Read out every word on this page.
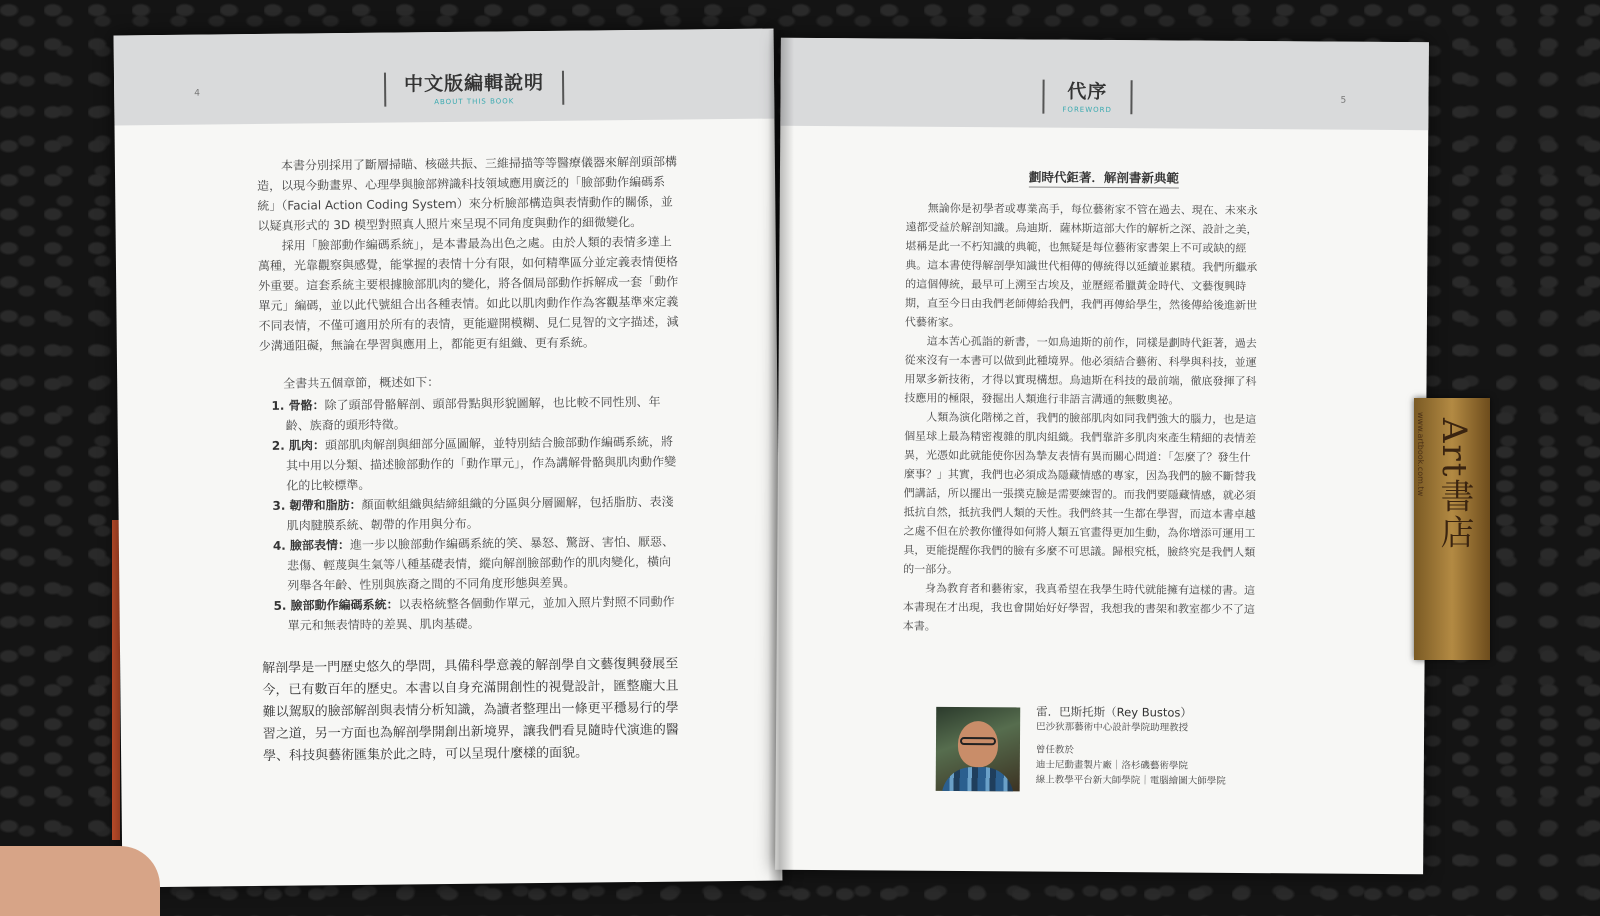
4	中文版編輯說明
ABOUT THIS BOOK

本書分別採用了斷層掃瞄、核磁共振、三維掃描等等醫療儀器來解剖頭部構造，以現今動畫界、心理學與臉部辨識科技領域應用廣泛的「臉部動作編碼系統」（Facial Action Coding System）來分析臉部構造與表情動作的關係，並以疑真形式的 3D 模型對照真人照片來呈現不同角度與動作的細微變化。

採用「臉部動作編碼系統」，是本書最為出色之處。由於人類的表情多達上萬種，光靠觀察與感覺，能掌握的表情十分有限，如何精準區分並定義表情便格外重要。這套系統主要根據臉部肌肉的變化，將各個局部動作拆解成一套「動作單元」編碼，並以此代號組合出各種表情。如此以肌肉動作作為客觀基準來定義不同表情，不僅可適用於所有的表情，更能避開模糊、見仁見智的文字描述，減少溝通阻礙，無論在學習與應用上，都能更有組織、更有系統。

全書共五個章節，概述如下：

1. 骨骼：除了頭部骨骼解剖、頭部骨點與形貌圖解，也比較不同性別、年齡、族裔的頭形特徵。

2. 肌肉：頭部肌肉解剖與細部分區圖解，並特別結合臉部動作編碼系統，將其中用以分類、描述臉部動作的「動作單元」，作為講解骨骼與肌肉動作變化的比較標準。

3. 韌帶和脂肪：顏面軟組織與結締組織的分區與分層圖解，包括脂肪、表淺肌肉腱膜系統、韌帶的作用與分布。

4. 臉部表情：進一步以臉部動作編碼系統的笑、暴怒、驚訝、害怕、厭惡、悲傷、輕蔑與生氣等八種基礎表情，縱向解剖臉部動作的肌肉變化，橫向列舉各年齡、性別與族裔之間的不同角度形態與差異。

5. 臉部動作編碼系統：以表格統整各個動作單元，並加入照片對照不同動作單元和無表情時的差異、肌肉基礎。

解剖學是一門歷史悠久的學問，具備科學意義的解剖學自文藝復興發展至今，已有數百年的歷史。本書以自身充滿開創性的視覺設計，匯整龐大且難以駕馭的臉部解剖與表情分析知識，為讀者整理出一條更平穩易行的學習之道，另一方面也為解剖學開創出新境界，讓我們看見隨時代演進的醫學、科技與藝術匯集於此之時，可以呈現什麼樣的面貌。

5
代序
FOREWORD
劃時代鉅著．解剖書新典範

無論你是初學者或專業高手，每位藝術家不管在過去、現在、未來永遠都受益於解剖知識。烏迪斯．薩林斯這部大作的解析之深、設計之美，堪稱是此一不朽知識的典範，也無疑是每位藝術家書架上不可或缺的經典。這本書使得解剖學知識世代相傳的傳統得以延續並累積。我們所繼承的這個傳統，最早可上溯至古埃及，並歷經希臘黃金時代、文藝復興時期，直至今日由我們老師傳給我們，我們再傳給學生，然後傳給後進新世代藝術家。

這本苦心孤詣的新書，一如烏迪斯的前作，同樣是劃時代鉅著，過去從來沒有一本書可以做到此種境界。他必須結合藝術、科學與科技，並運用眾多新技術，才得以實現構想。烏迪斯在科技的最前端，徹底發揮了科技應用的極限，發掘出人類進行非語言溝通的無數奧祕。

人類為演化階梯之首，我們的臉部肌肉如同我們強大的腦力，也是這個星球上最為精密複雜的肌肉組織。我們靠許多肌肉來產生精細的表情差異，光憑如此就能使你因為摯友表情有異而關心問道：「怎麼了？發生什麼事？」其實，我們也必須成為隱藏情感的專家，因為我們的臉不斷替我們講話，所以擺出一張撲克臉是需要練習的。而我們要隱藏情感，就必須抵抗自然，抵抗我們人類的天性。我們終其一生都在學習，而這本書卓越之處不但在於教你懂得如何將人類五官畫得更加生動，為你增添可運用工具，更能提醒你我們的臉有多麼不可思議。歸根究柢，臉終究是我們人類的一部分。

身為教育者和藝術家，我真希望在我學生時代就能擁有這樣的書。這本書現在才出現，我也會開始好好學習，我想我的書架和教室都少不了這本書。

雷．巴斯托斯（Rey Bustos）
巴沙狄那藝術中心設計學院助理教授
曾任教於
迪士尼動畫製片廠｜洛杉磯藝術學院
線上教學平台新大師學院｜電腦繪圖大師學院
www.artbook.com.tw Art書店
